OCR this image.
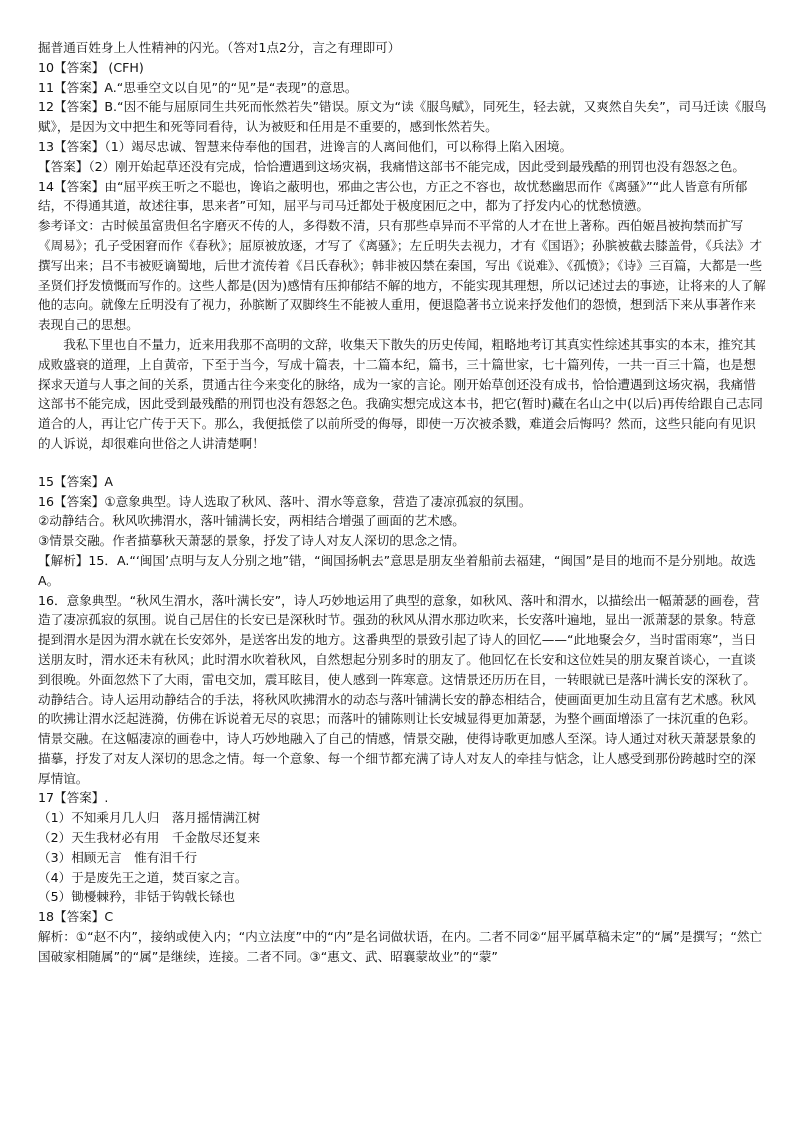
掘普通百姓身上人性精神的闪光。（答对1点2分，言之有理即可）

10【答案】 (CFH)

11【答案】A.“思垂空文以自见”的“见”是“表现”的意思。

12【答案】B.“因不能与屈原同生共死而怅然若失”错误。原文为“读《服鸟赋》，同死生，轻去就，又爽然自失矣”，司马迁读《服鸟赋》，是因为文中把生和死等同看待，认为被贬和任用是不重要的，感到怅然若失。

13【答案】（1）竭尽忠诚、智慧来侍奉他的国君，进谗言的人离间他们，可以称得上陷入困境。

【答案】（2）刚开始起草还没有完成，恰恰遭遇到这场灾祸，我痛惜这部书不能完成，因此受到最残酷的刑罚也没有怨怒之色。

14【答案】由“屈平疾王听之不聪也，谗谄之蔽明也，邪曲之害公也，方正之不容也，故忧愁幽思而作《离骚》”“此人皆意有所郁结，不得通其道，故述往事，思来者”可知，屈平与司马迁都处于极度困厄之中，都为了抒发内心的忧愁愤懑。

参考译文：古时候虽富贵但名字磨灭不传的人，多得数不清，只有那些卓异而不平常的人才在世上著称。西伯姬昌被拘禁而扩写《周易》；孔子受困窘而作《春秋》；屈原被放逐，才写了《离骚》；左丘明失去视力，才有《国语》；孙膑被截去膝盖骨，《兵法》才撰写出来；吕不韦被贬谪蜀地，后世才流传着《吕氏春秋》；韩非被囚禁在秦国，写出《说难》、《孤愤》；《诗》三百篇，大都是一些圣贤们抒发愤慨而写作的。这些人都是(因为)感情有压抑郁结不解的地方，不能实现其理想，所以记述过去的事迹，让将来的人了解他的志向。就像左丘明没有了视力，孙膑断了双脚终生不能被人重用，便退隐著书立说来抒发他们的怨愤，想到活下来从事著作来表现自己的思想。

我私下里也自不量力，近来用我那不高明的文辞，收集天下散失的历史传闻，粗略地考订其真实性综述其事实的本末，推究其成败盛衰的道理，上自黄帝，下至于当今，写成十篇表，十二篇本纪，篇书，三十篇世家，七十篇列传，一共一百三十篇，也是想探求天道与人事之间的关系，贯通古往今来变化的脉络，成为一家的言论。刚开始草创还没有成书，恰恰遭遇到这场灾祸，我痛惜这部书不能完成，因此受到最残酷的刑罚也没有怨怒之色。我确实想完成这本书，把它(暂时)藏在名山之中(以后)再传给跟自己志同道合的人，再让它广传于天下。那么，我便抵偿了以前所受的侮辱，即使一万次被杀戮，难道会后悔吗？然而，这些只能向有见识的人诉说，却很难向世俗之人讲清楚啊！

15【答案】A

16【答案】①意象典型。诗人选取了秋风、落叶、渭水等意象，营造了凄凉孤寂的氛围。

②动静结合。秋风吹拂渭水，落叶铺满长安，两相结合增强了画面的艺术感。

③情景交融。作者描摹秋天萧瑟的景象，抒发了诗人对友人深切的思念之情。

【解析】15．A.“‘闽国’点明与友人分别之地”错，“闽国扬帆去”意思是朋友坐着船前去福建，“闽国”是目的地而不是分别地。故选A。

16．意象典型。“秋风生渭水，落叶满长安”，诗人巧妙地运用了典型的意象，如秋风、落叶和渭水，以描绘出一幅萧瑟的画卷，营造了凄凉孤寂的氛围。说自己居住的长安已是深秋时节。强劲的秋风从渭水那边吹来，长安落叶遍地，显出一派萧瑟的景象。特意提到渭水是因为渭水就在长安郊外，是送客出发的地方。这番典型的景致引起了诗人的回忆——“此地聚会夕，当时雷雨寒”，当日送朋友时，渭水还未有秋风；此时渭水吹着秋风，自然想起分别多时的朋友了。他回忆在长安和这位姓吴的朋友聚首谈心，一直谈到很晚。外面忽然下了大雨，雷电交加，震耳眩目，使人感到一阵寒意。这情景还历历在目，一转眼就已是落叶满长安的深秋了。

动静结合。诗人运用动静结合的手法，将秋风吹拂渭水的动态与落叶铺满长安的静态相结合，使画面更加生动且富有艺术感。秋风的吹拂让渭水泛起涟漪，仿佛在诉说着无尽的哀思；而落叶的铺陈则让长安城显得更加萧瑟，为整个画面增添了一抹沉重的色彩。

情景交融。在这幅凄凉的画卷中，诗人巧妙地融入了自己的情感，情景交融，使得诗歌更加感人至深。诗人通过对秋天萧瑟景象的描摹，抒发了对友人深切的思念之情。每一个意象、每一个细节都充满了诗人对友人的牵挂与惦念，让人感受到那份跨越时空的深厚情谊。

17【答案】.

（1）不知乘月几人归　落月摇情满江树

（2）天生我材必有用　千金散尽还复来

（3）相顾无言　惟有泪千行

（4）于是废先王之道，焚百家之言。

（5）锄櫌棘矜，非铦于钩戟长铩也

18【答案】C

解析：①“赵不内”，接纳或使入内；“内立法度”中的“内”是名词做状语，在内。二者不同②“屈平属草稿未定”的“属”是撰写；“然亡国破家相随属”的“属”是继续，连接。二者不同。③“惠文、武、昭襄蒙故业”的“蒙”
